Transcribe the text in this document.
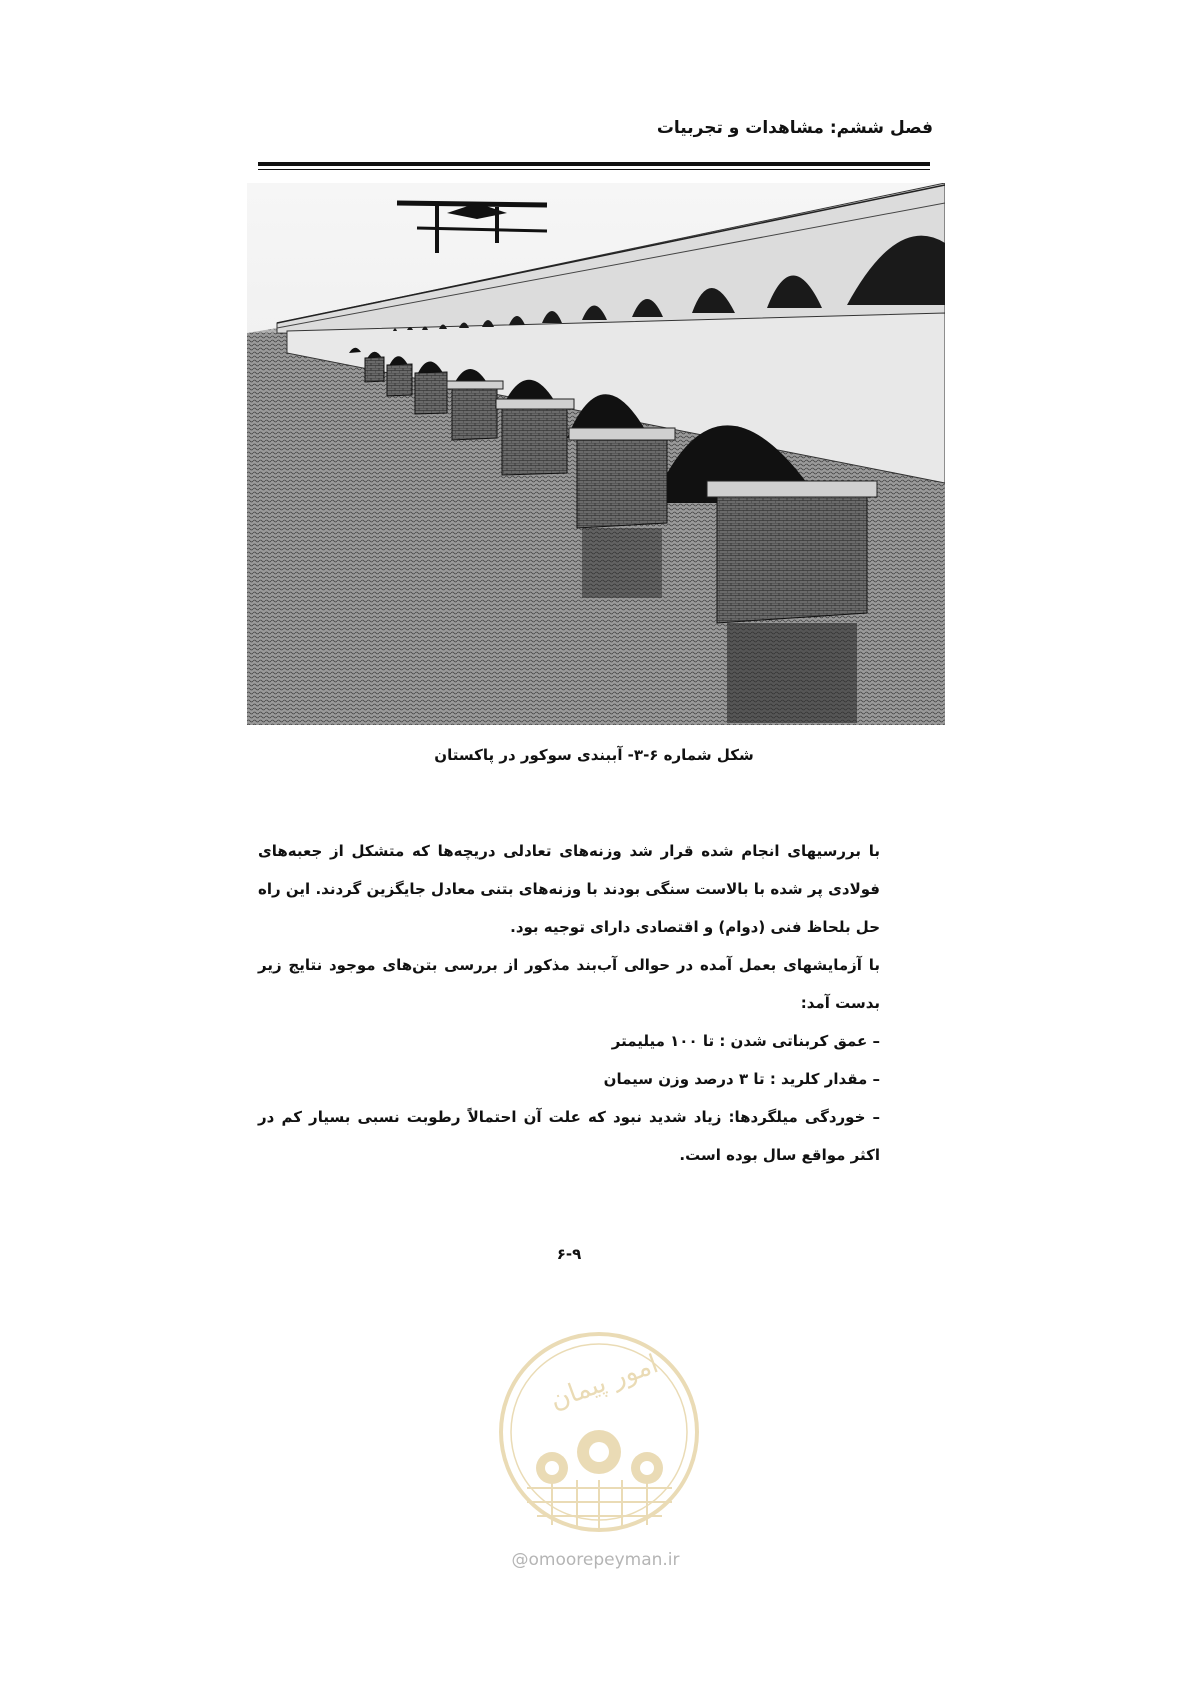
فصل ششم: مشاهدات و تجربیات

شکل شماره ۶-۳- آببندی سوکور در پاکستان

با بررسیهای انجام شده قرار شد وزنه‌های تعادلی دریچه‌ها که متشکل از جعبه‌های فولادی پر شده با بالاست سنگی بودند با وزنه‌های بتنی معادل جایگزین گردند. این راه حل بلحاظ فنی (دوام) و اقتصادی دارای توجیه بود.

با آزمایشهای بعمل آمده در حوالی آب‌بند مذکور از بررسی بتن‌های موجود نتایج زیر بدست آمد:

– عمق کربناتی شدن : تا ۱۰۰ میلیمتر

– مقدار کلرید : تا ۳ درصد وزن سیمان

– خوردگی میلگردها: زیاد شدید نبود که علت آن احتمالاً رطوبت نسبی بسیار کم در اکثر مواقع سال بوده است.

۶-۹

امور پیمان
@omoorepeyman.ir
